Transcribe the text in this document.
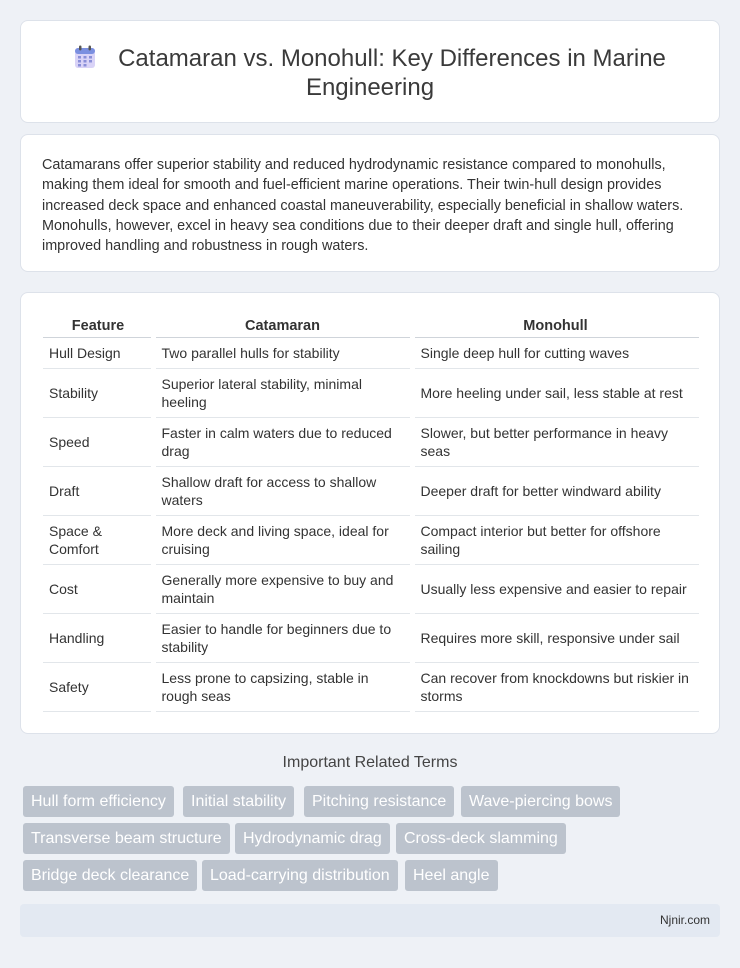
Catamaran vs. Monohull: Key Differences in Marine Engineering

Catamarans offer superior stability and reduced hydrodynamic resistance compared to monohulls, making them ideal for smooth and fuel-efficient marine operations. Their twin-hull design provides increased deck space and enhanced coastal maneuverability, especially beneficial in shallow waters. Monohulls, however, excel in heavy sea conditions due to their deeper draft and single hull, offering improved handling and robustness in rough waters.

Feature	Catamaran	Monohull
Hull Design	Two parallel hulls for stability	Single deep hull for cutting waves
Stability	Superior lateral stability, minimal heeling	More heeling under sail, less stable at rest
Speed	Faster in calm waters due to reduced drag	Slower, but better performance in heavy seas
Draft	Shallow draft for access to shallow waters	Deeper draft for better windward ability
Space & Comfort	More deck and living space, ideal for cruising	Compact interior but better for offshore sailing
Cost	Generally more expensive to buy and maintain	Usually less expensive and easier to repair
Handling	Easier to handle for beginners due to stability	Requires more skill, responsive under sail
Safety	Less prone to capsizing, stable in rough seas	Can recover from knockdowns but riskier in storms
Important Related Terms
Hull form efficiency	Initial stability	Pitching resistance	Wave-piercing bows
Transverse beam structure	Hydrodynamic drag	Cross-deck slamming
Bridge deck clearance	Load-carrying distribution	Heel angle
Njnir.com
